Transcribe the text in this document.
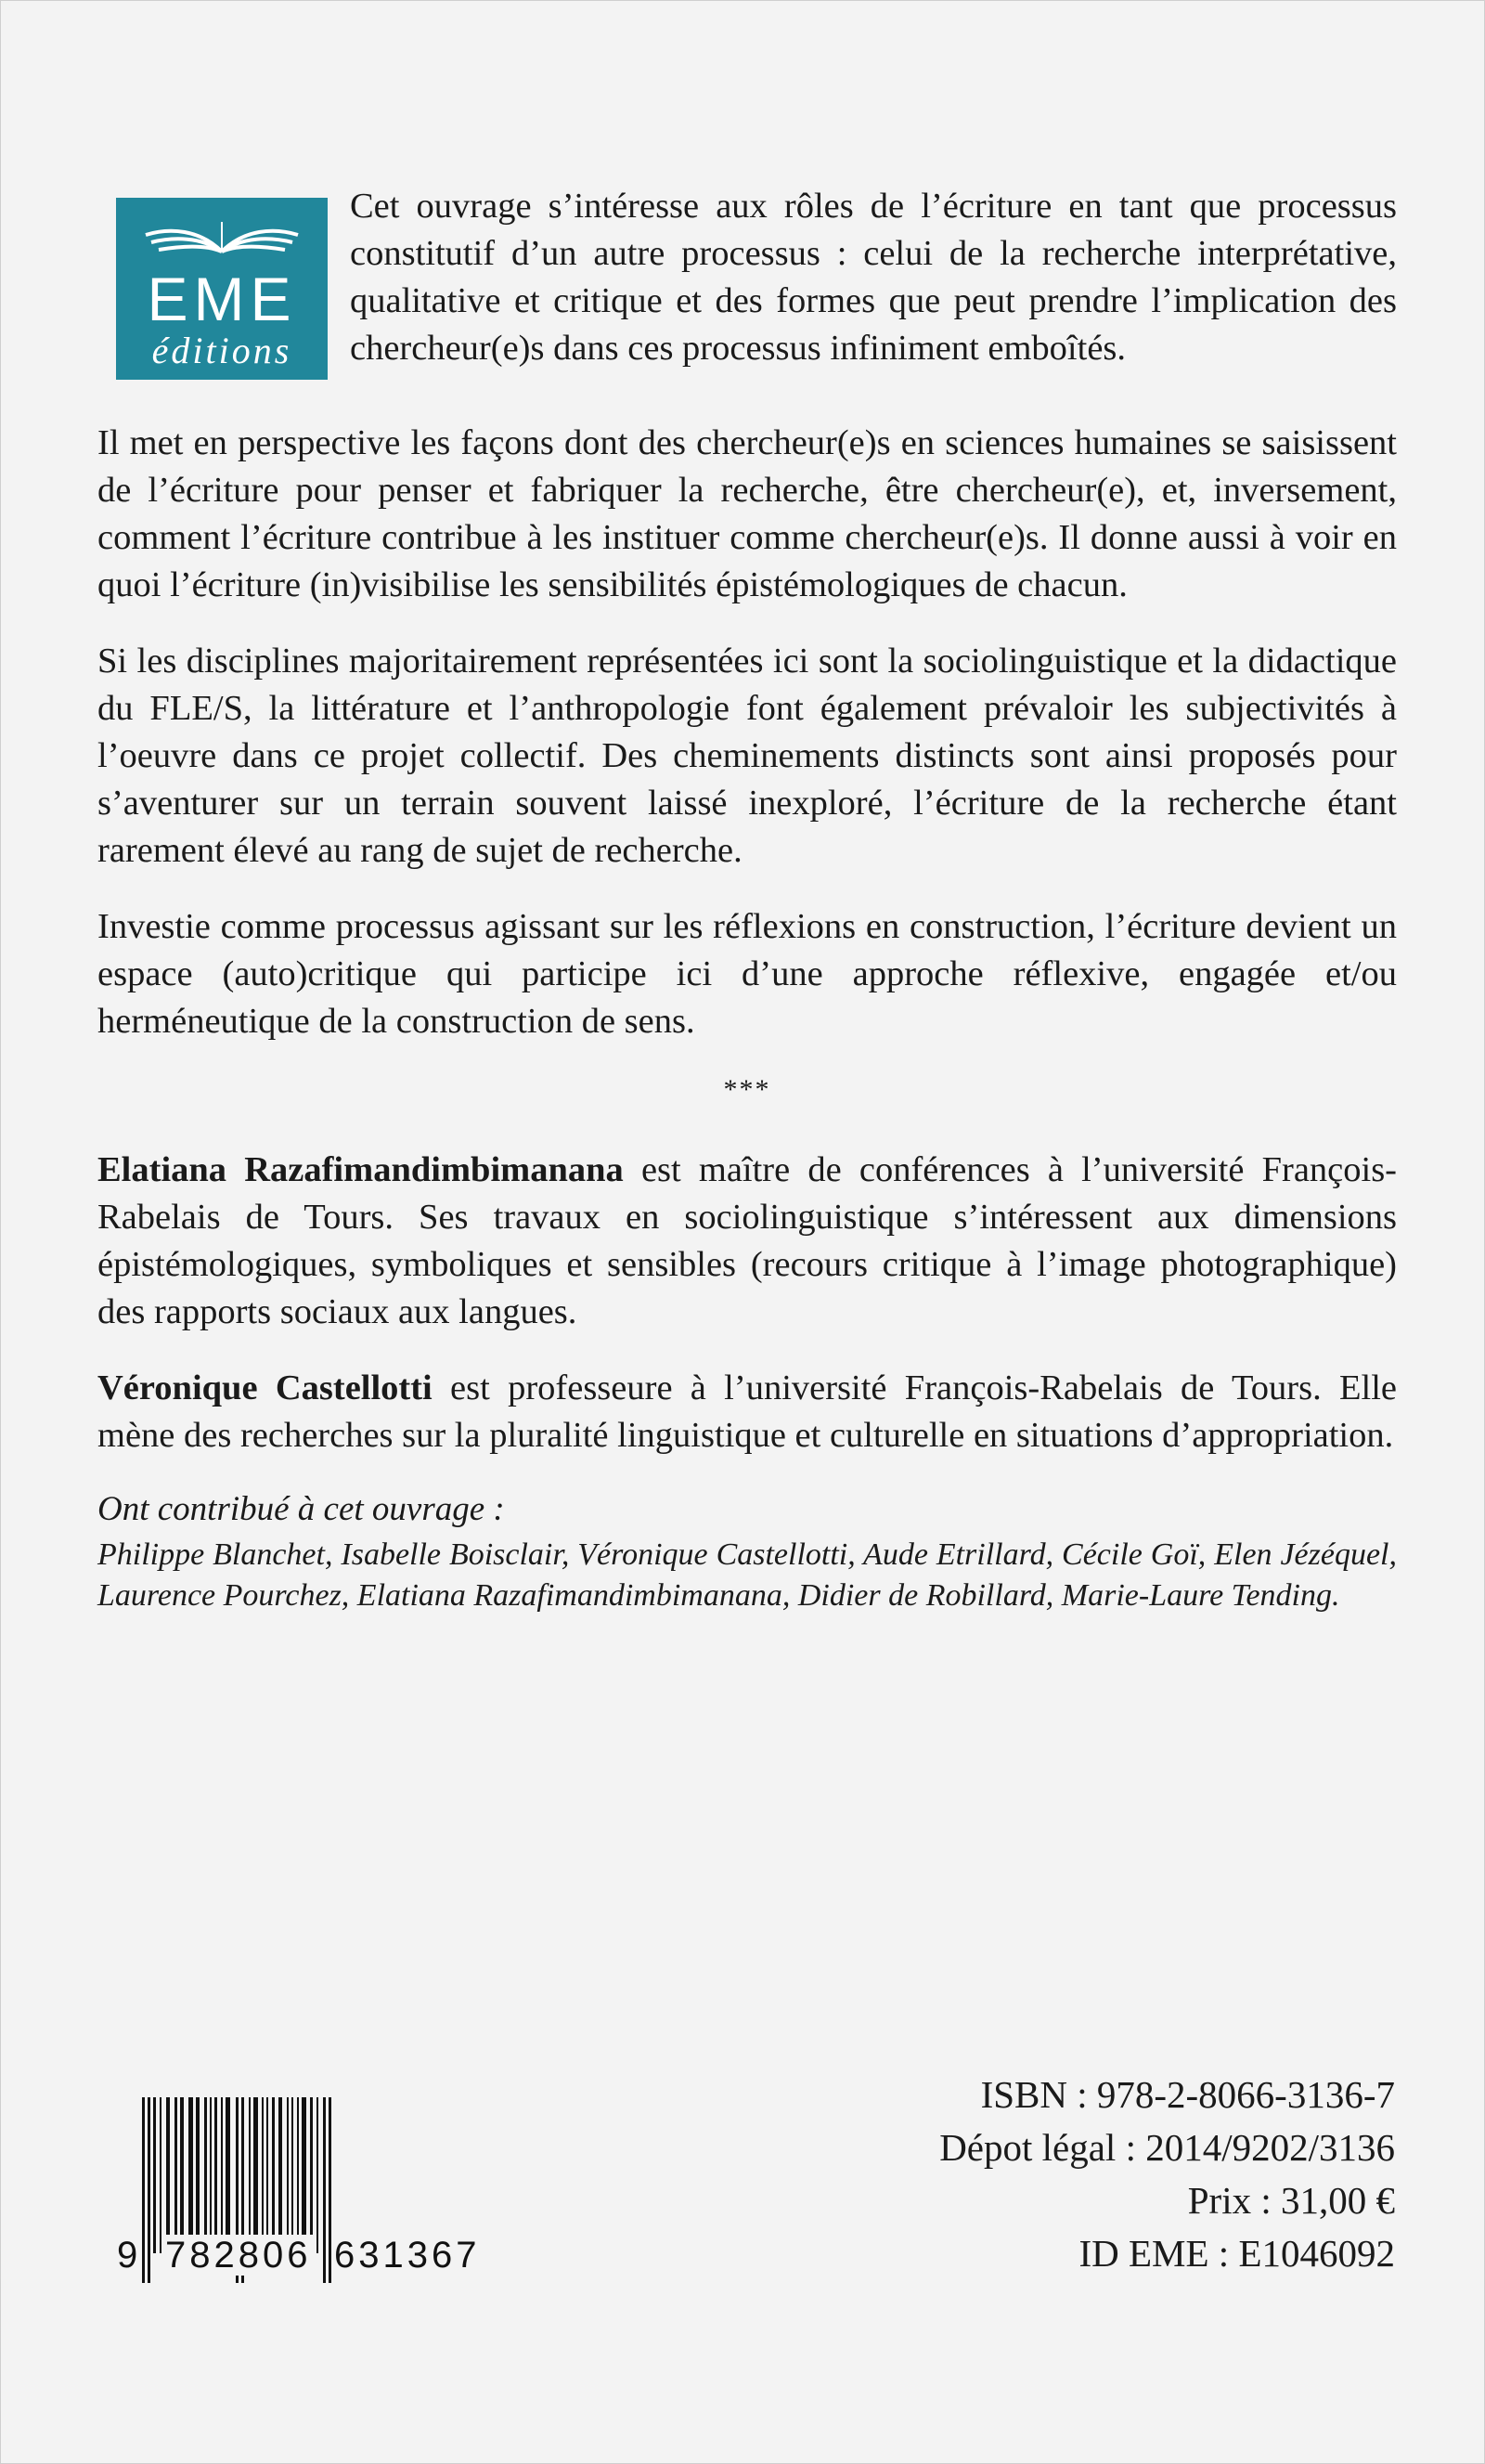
EME
éditions

Cet ouvrage s’intéresse aux rôles de l’écriture en tant que processus constitutif d’un autre processus : celui de la recherche interprétative, qualitative et critique et des formes que peut prendre l’implication des chercheur(e)s dans ces processus infiniment emboîtés.

Il met en perspective les façons dont des chercheur(e)s en sciences humaines se saisissent de l’écriture pour penser et fabriquer la recherche, être chercheur(e), et, inversement, comment l’écriture contribue à les instituer comme chercheur(e)s. Il donne aussi à voir en quoi l’écriture (in)visibilise les sensibilités épistémologiques de chacun.

Si les disciplines majoritairement représentées ici sont la sociolinguistique et la didactique du FLE/S, la littérature et l’anthropologie font également prévaloir les subjectivités à l’oeuvre dans ce projet collectif. Des cheminements distincts sont ainsi proposés pour s’aventurer sur un terrain souvent laissé inexploré, l’écriture de la recherche étant rarement élevé au rang de sujet de recherche.

Investie comme processus agissant sur les réflexions en construction, l’écriture devient un espace (auto)critique qui participe ici d’une approche réflexive, engagée et/ou herméneutique de la construction de sens.

***

Elatiana Razafimandimbimanana est maître de conférences à l’université François-Rabelais de Tours. Ses travaux en sociolinguistique s’intéressent aux dimensions épistémologiques, symboliques et sensibles (recours critique à l’image photographique) des rapports sociaux aux langues.

Véronique Castellotti est professeure à l’université François-Rabelais de Tours. Elle mène des recherches sur la pluralité linguistique et culturelle en situations d’appropriation.

Ont contribué à cet ouvrage :

Philippe Blanchet, Isabelle Boisclair, Véronique Castellotti, Aude Etrillard, Cécile Goï, Elen Jézéquel, Laurence Pourchez, Elatiana Razafimandimbimanana, Didier de Robillard, Marie-Laure Tending.

9 782806 631367
ISBN : 978-2-8066-3136-7
Dépot légal : 2014/9202/3136
Prix : 31,00 €
ID EME : E1046092
